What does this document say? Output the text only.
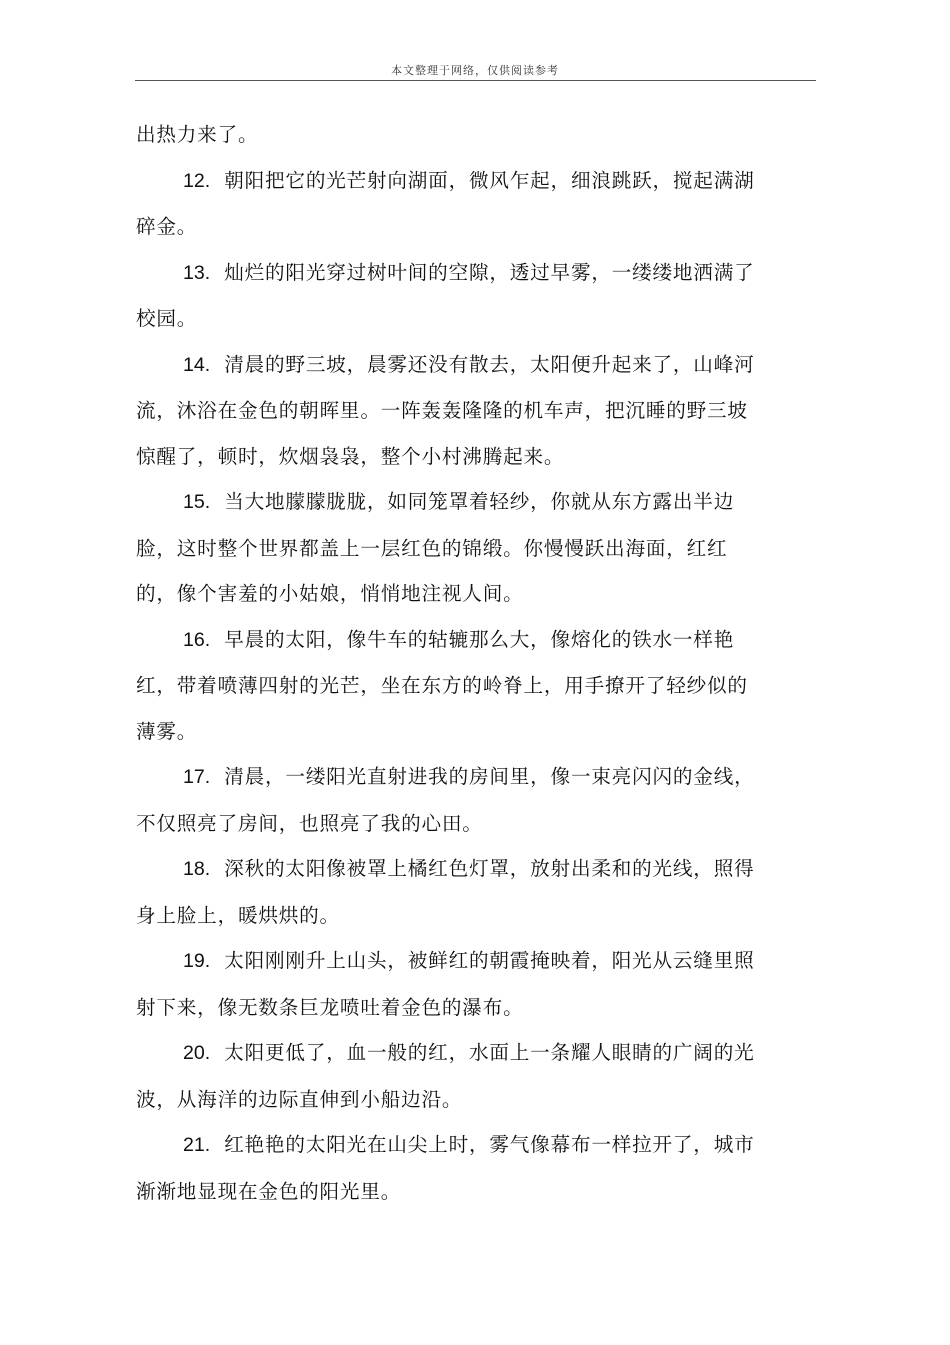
本文整理于网络，仅供阅读参考

出热力来了。

12. 朝阳把它的光芒射向湖面，微风乍起，细浪跳跃，搅起满湖碎金。

13. 灿烂的阳光穿过树叶间的空隙，透过早雾，一缕缕地洒满了校园。

14. 清晨的野三坡，晨雾还没有散去，太阳便升起来了，山峰河流，沐浴在金色的朝晖里。一阵轰轰隆隆的机车声，把沉睡的野三坡惊醒了，顿时，炊烟袅袅，整个小村沸腾起来。

15. 当大地朦朦胧胧，如同笼罩着轻纱，你就从东方露出半边脸，这时整个世界都盖上一层红色的锦缎。你慢慢跃出海面，红红的，像个害羞的小姑娘，悄悄地注视人间。

16. 早晨的太阳，像牛车的轱辘那么大，像熔化的铁水一样艳红，带着喷薄四射的光芒，坐在东方的岭脊上，用手撩开了轻纱似的薄雾。

17. 清晨，一缕阳光直射进我的房间里，像一束亮闪闪的金线，不仅照亮了房间，也照亮了我的心田。

18. 深秋的太阳像被罩上橘红色灯罩，放射出柔和的光线，照得身上脸上，暖烘烘的。

19. 太阳刚刚升上山头，被鲜红的朝霞掩映着，阳光从云缝里照射下来，像无数条巨龙喷吐着金色的瀑布。

20. 太阳更低了，血一般的红，水面上一条耀人眼睛的广阔的光波，从海洋的边际直伸到小船边沿。

21. 红艳艳的太阳光在山尖上时，雾气像幕布一样拉开了，城市渐渐地显现在金色的阳光里。
